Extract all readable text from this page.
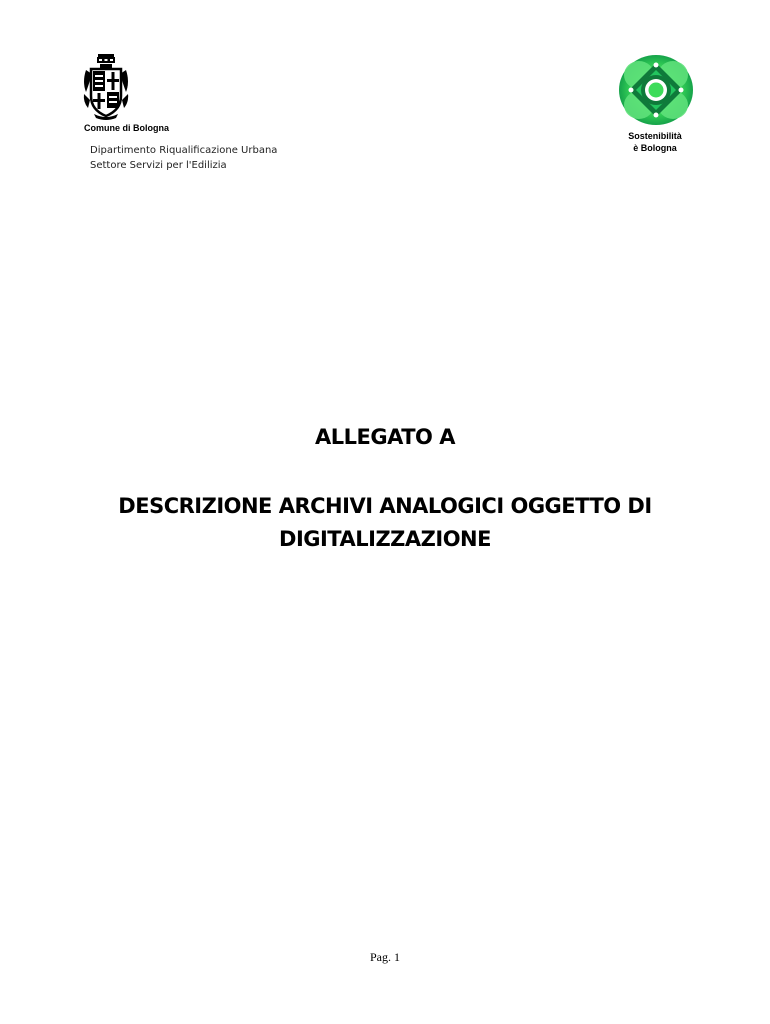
Comune di Bologna
Dipartimento Riqualificazione Urbana
Settore Servizi per l'Edilizia
Sostenibilità
è Bologna
ALLEGATO A
DESCRIZIONE ARCHIVI ANALOGICI OGGETTO DI DIGITALIZZAZIONE
Pag. 1
